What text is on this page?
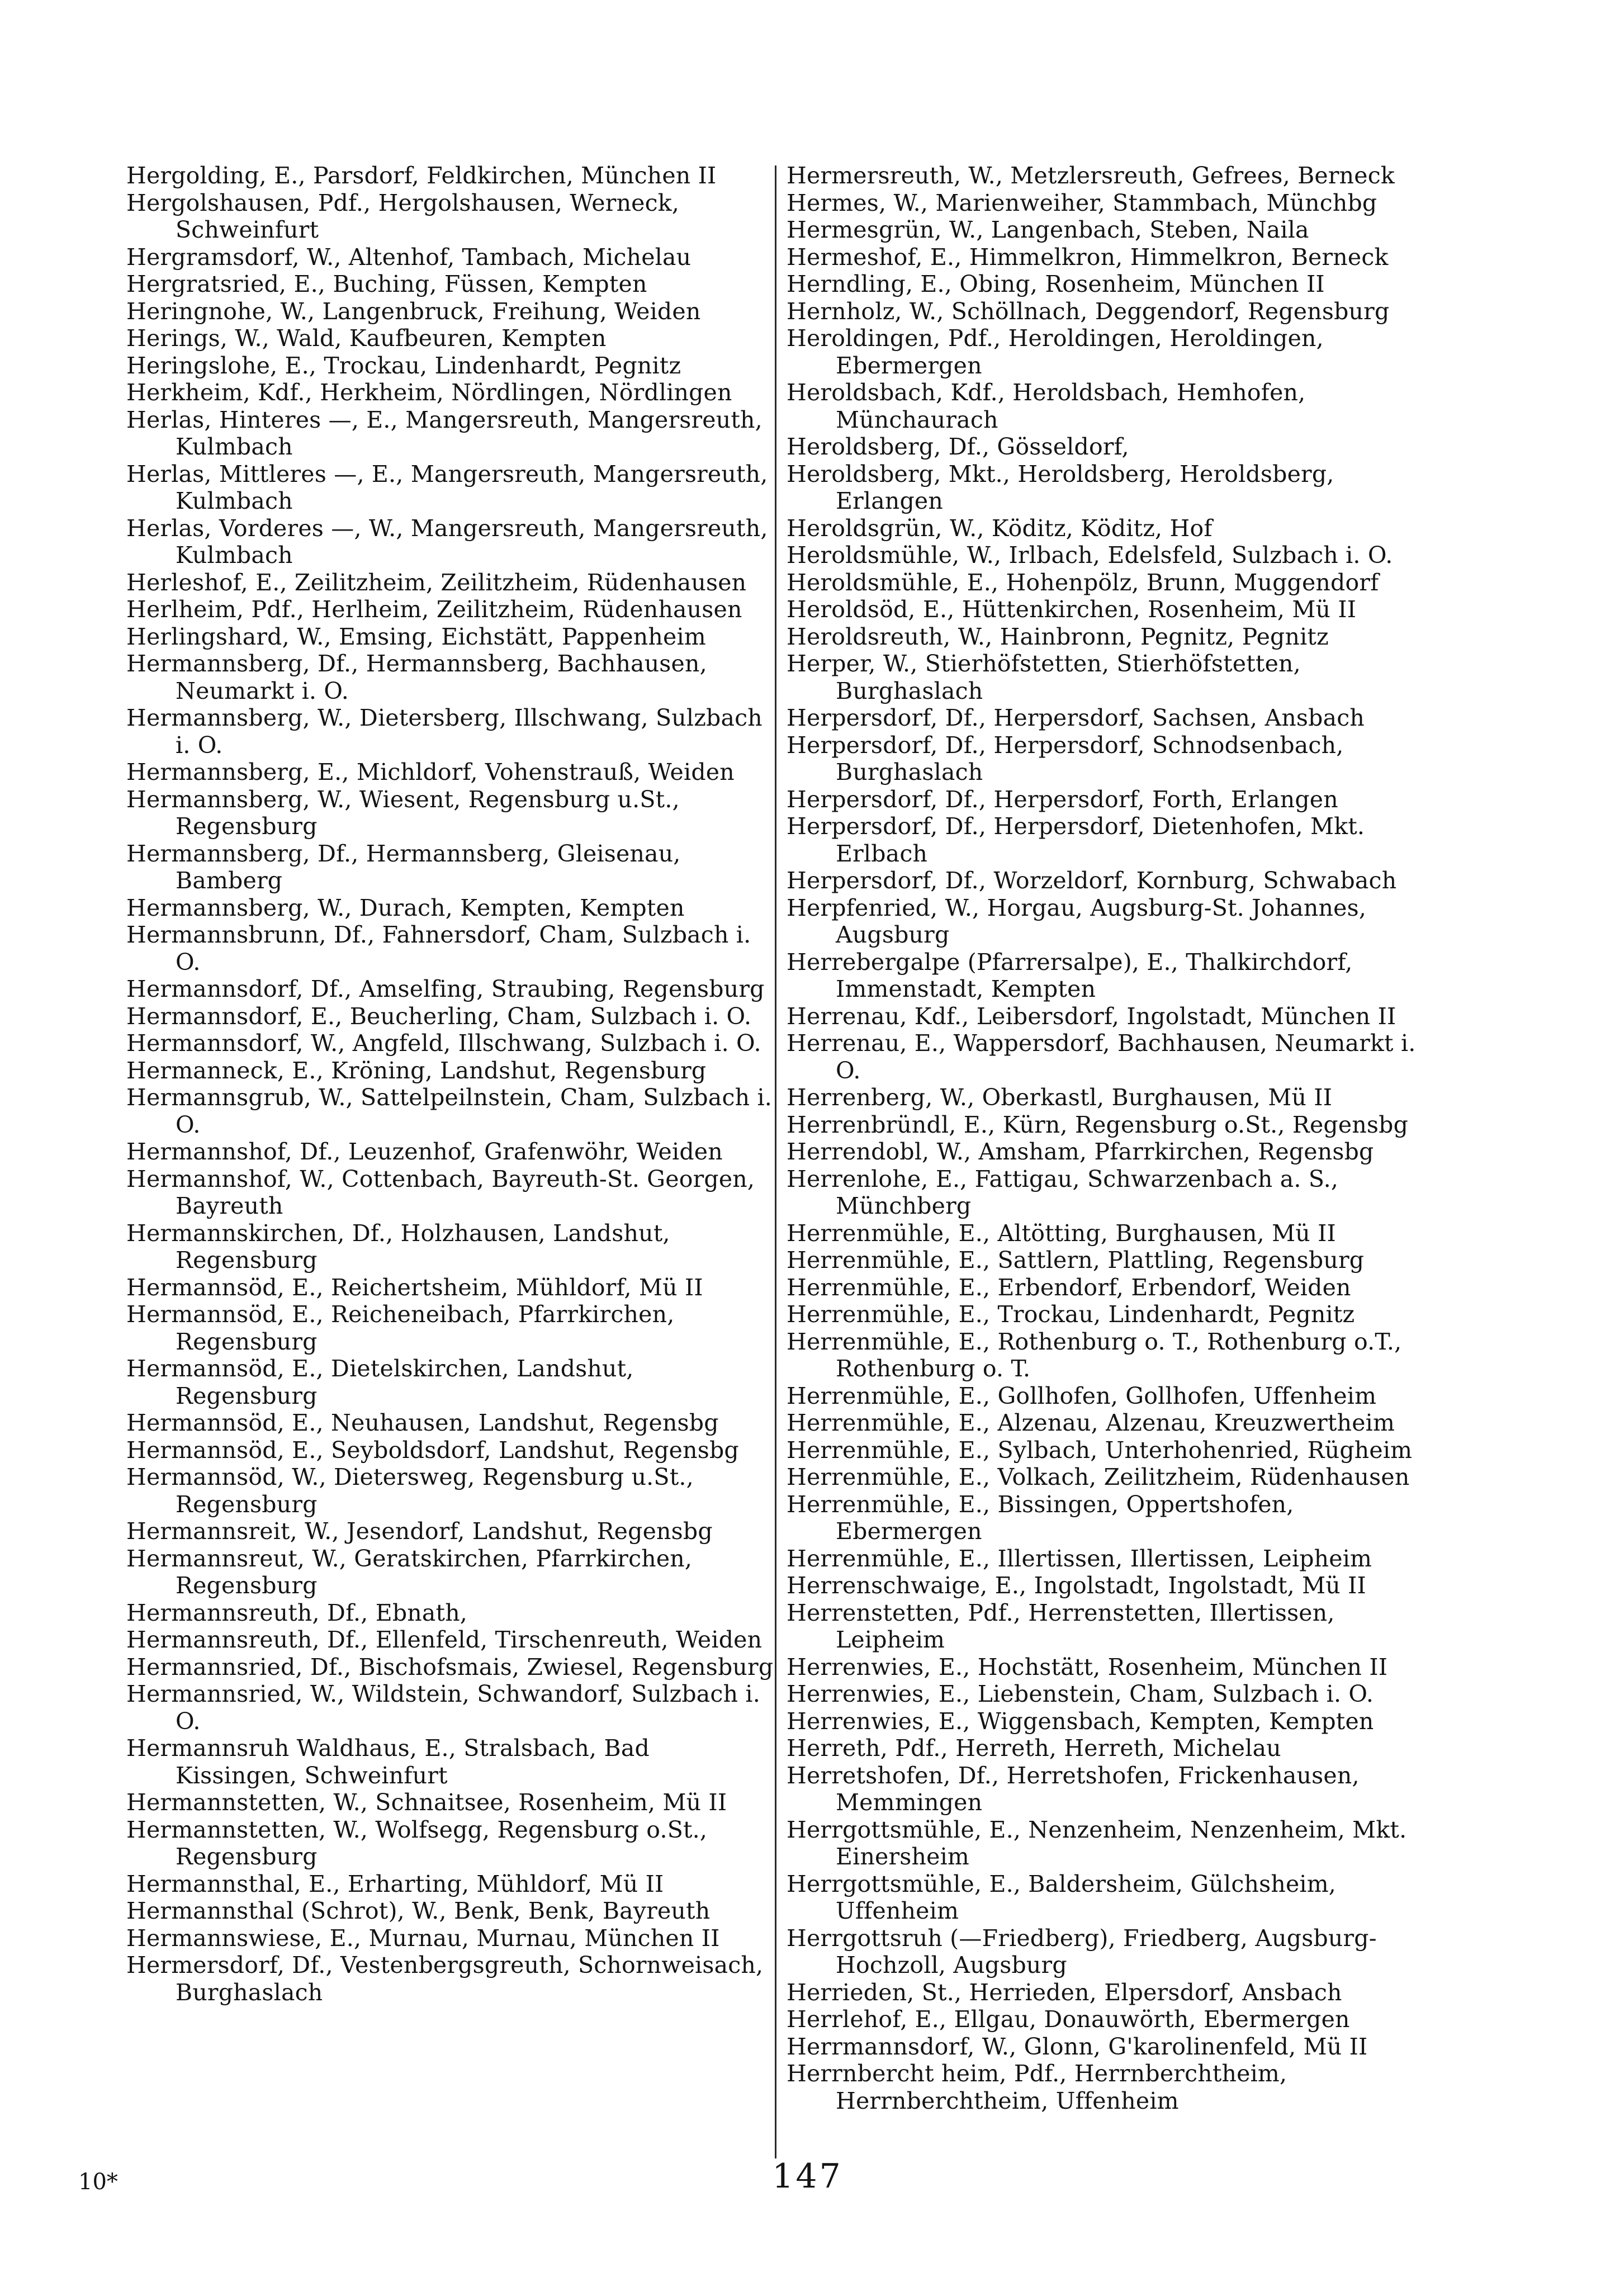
Hergolding, E., Parsdorf, Feldkirchen, München II
Hergolshausen, Pdf., Hergolshausen, Werneck, Schweinfurt
Hergramsdorf, W., Altenhof, Tambach, Michelau
Hergratsried, E., Buching, Füssen, Kempten
Heringnohe, W., Langenbruck, Freihung, Weiden
Herings, W., Wald, Kaufbeuren, Kempten
Heringslohe, E., Trockau, Lindenhardt, Pegnitz
Herkheim, Kdf., Herkheim, Nördlingen, Nördlingen
Herlas, Hinteres —, E., Mangersreuth, Mangersreuth, Kulmbach
Herlas, Mittleres —, E., Mangersreuth, Mangersreuth, Kulmbach
Herlas, Vorderes —, W., Mangersreuth, Mangersreuth, Kulmbach
Herleshof, E., Zeilitzheim, Zeilitzheim, Rüdenhausen
Herlheim, Pdf., Herlheim, Zeilitzheim, Rüdenhausen
Herlingshard, W., Emsing, Eichstätt, Pappenheim
Hermannsberg, Df., Hermannsberg, Bachhausen, Neumarkt i. O.
Hermannsberg, W., Dietersberg, Illschwang, Sulzbach i. O.
Hermannsberg, E., Michldorf, Vohenstrauß, Weiden
Hermannsberg, W., Wiesent, Regensburg u.St., Regensburg
Hermannsberg, Df., Hermannsberg, Gleisenau, Bamberg
Hermannsberg, W., Durach, Kempten, Kempten
Hermannsbrunn, Df., Fahnersdorf, Cham, Sulzbach i. O.
Hermannsdorf, Df., Amselfing, Straubing, Regensburg
Hermannsdorf, E., Beucherling, Cham, Sulzbach i. O.
Hermannsdorf, W., Angfeld, Illschwang, Sulzbach i. O.
Hermanneck, E., Kröning, Landshut, Regensburg
Hermannsgrub, W., Sattelpeilnstein, Cham, Sulzbach i. O.
Hermannshof, Df., Leuzenhof, Grafenwöhr, Weiden
Hermannshof, W., Cottenbach, Bayreuth-St. Georgen, Bayreuth
Hermannskirchen, Df., Holzhausen, Landshut, Regensburg
Hermannsöd, E., Reichertsheim, Mühldorf, Mü II
Hermannsöd, E., Reicheneibach, Pfarrkirchen, Regensburg
Hermannsöd, E., Dietelskirchen, Landshut, Regensburg
Hermannsöd, E., Neuhausen, Landshut, Regensbg
Hermannsöd, E., Seyboldsdorf, Landshut, Regensbg
Hermannsöd, W., Dietersweg, Regensburg u.St., Regensburg
Hermannsreit, W., Jesendorf, Landshut, Regensbg
Hermannsreut, W., Geratskirchen, Pfarrkirchen, Regensburg
Hermannsreuth, Df., Ebnath,
Hermannsreuth, Df., Ellenfeld, Tirschenreuth, Weiden
Hermannsried, Df., Bischofsmais, Zwiesel, Regensburg
Hermannsried, W., Wildstein, Schwandorf, Sulzbach i. O.
Hermannsruh Waldhaus, E., Stralsbach, Bad Kissingen, Schweinfurt
Hermannstetten, W., Schnaitsee, Rosenheim, Mü II
Hermannstetten, W., Wolfsegg, Regensburg o.St., Regensburg
Hermannsthal, E., Erharting, Mühldorf, Mü II
Hermannsthal (Schrot), W., Benk, Benk, Bayreuth
Hermannswiese, E., Murnau, Murnau, München II
Hermersdorf, Df., Vestenbergsgreuth, Schornweisach, Burghaslach
Hermersreuth, W., Metzlersreuth, Gefrees, Berneck
Hermes, W., Marienweiher, Stammbach, Münchbg
Hermesgrün, W., Langenbach, Steben, Naila
Hermeshof, E., Himmelkron, Himmelkron, Berneck
Herndling, E., Obing, Rosenheim, München II
Hernholz, W., Schöllnach, Deggendorf, Regensburg
Heroldingen, Pdf., Heroldingen, Heroldingen, Ebermergen
Heroldsbach, Kdf., Heroldsbach, Hemhofen, Münchaurach
Heroldsberg, Df., Gösseldorf,
Heroldsberg, Mkt., Heroldsberg, Heroldsberg, Erlangen
Heroldsgrün, W., Köditz, Köditz, Hof
Heroldsmühle, W., Irlbach, Edelsfeld, Sulzbach i. O.
Heroldsmühle, E., Hohenpölz, Brunn, Muggendorf
Heroldsöd, E., Hüttenkirchen, Rosenheim, Mü II
Heroldsreuth, W., Hainbronn, Pegnitz, Pegnitz
Herper, W., Stierhöfstetten, Stierhöfstetten, Burghaslach
Herpersdorf, Df., Herpersdorf, Sachsen, Ansbach
Herpersdorf, Df., Herpersdorf, Schnodsenbach, Burghaslach
Herpersdorf, Df., Herpersdorf, Forth, Erlangen
Herpersdorf, Df., Herpersdorf, Dietenhofen, Mkt. Erlbach
Herpersdorf, Df., Worzeldorf, Kornburg, Schwabach
Herpfenried, W., Horgau, Augsburg-St. Johannes, Augsburg
Herrebergalpe (Pfarrersalpe), E., Thalkirchdorf, Immenstadt, Kempten
Herrenau, Kdf., Leibersdorf, Ingolstadt, München II
Herrenau, E., Wappersdorf, Bachhausen, Neumarkt i. O.
Herrenberg, W., Oberkastl, Burghausen, Mü II
Herrenbründl, E., Kürn, Regensburg o.St., Regensbg
Herrendobl, W., Amsham, Pfarrkirchen, Regensbg
Herrenlohe, E., Fattigau, Schwarzenbach a. S., Münchberg
Herrenmühle, E., Altötting, Burghausen, Mü II
Herrenmühle, E., Sattlern, Plattling, Regensburg
Herrenmühle, E., Erbendorf, Erbendorf, Weiden
Herrenmühle, E., Trockau, Lindenhardt, Pegnitz
Herrenmühle, E., Rothenburg o. T., Rothenburg o.T., Rothenburg o. T.
Herrenmühle, E., Gollhofen, Gollhofen, Uffenheim
Herrenmühle, E., Alzenau, Alzenau, Kreuzwertheim
Herrenmühle, E., Sylbach, Unterhohenried, Rügheim
Herrenmühle, E., Volkach, Zeilitzheim, Rüdenhausen
Herrenmühle, E., Bissingen, Oppertshofen, Ebermergen
Herrenmühle, E., Illertissen, Illertissen, Leipheim
Herrenschwaige, E., Ingolstadt, Ingolstadt, Mü II
Herrenstetten, Pdf., Herrenstetten, Illertissen, Leipheim
Herrenwies, E., Hochstätt, Rosenheim, München II
Herrenwies, E., Liebenstein, Cham, Sulzbach i. O.
Herrenwies, E., Wiggensbach, Kempten, Kempten
Herreth, Pdf., Herreth, Herreth, Michelau
Herretshofen, Df., Herretshofen, Frickenhausen, Memmingen
Herrgottsmühle, E., Nenzenheim, Nenzenheim, Mkt. Einersheim
Herrgottsmühle, E., Baldersheim, Gülchsheim, Uffenheim
Herrgottsruh (—Friedberg), Friedberg, Augsburg-Hochzoll, Augsburg
Herrieden, St., Herrieden, Elpersdorf, Ansbach
Herrlehof, E., Ellgau, Donauwörth, Ebermergen
Herrmannsdorf, W., Glonn, G'karolinenfeld, Mü II
Herrnbercht heim, Pdf., Herrnberchtheim, Herrnberchtheim, Uffenheim
10*	147
